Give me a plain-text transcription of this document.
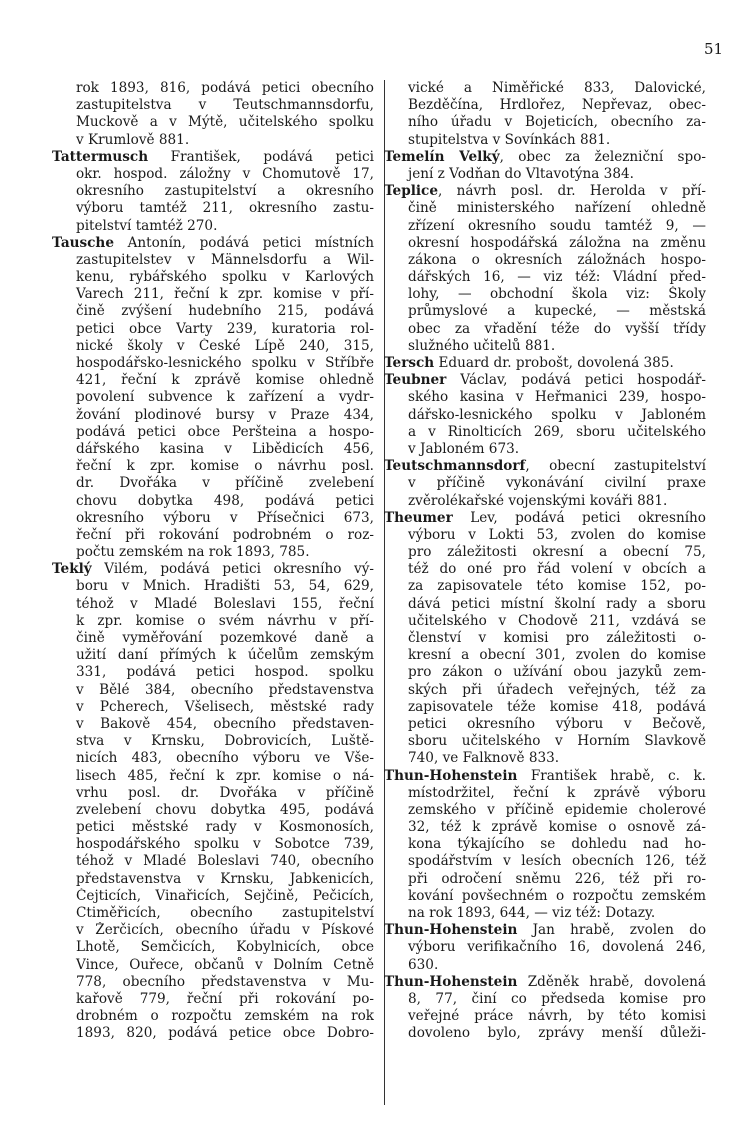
51
rok 1893, 816, podává petici obecního
zastupitelstva v Teutschmannsdorfu,
Muckově a v Mýtě, učitelského spolku
v Krumlově 881.
Tattermusch František, podává petici
okr. hospod. záložny v Chomutově 17,
okresního zastupitelství a okresního
výboru tamtéž 211, okresního zastu-
pitelství tamtéž 270.
Tausche Antonín, podává petici místních
zastupitelstev v Männelsdorfu a Wil-
kenu, rybářského spolku v Karlových
Varech 211, řeční k zpr. komise v pří-
čině zvýšení hudebního 215, podává
petici obce Varty 239, kuratoria rol-
nické školy v České Lípě 240, 315,
hospodářsko-lesnického spolku v Stříbře
421, řeční k zprávě komise ohledně
povolení subvence k zařízení a vydr-
žování plodinové bursy v Praze 434,
podává petici obce Peršteina a hospo-
dářského kasina v Libědicích 456,
řeční k zpr. komise o návrhu posl.
dr. Dvořáka v příčině zvelebení
chovu dobytka 498, podává petici
okresního výboru v Přísečnici 673,
řeční při rokování podrobném o roz-
počtu zemském na rok 1893, 785.
Teklý Vilém, podává petici okresního vý-
boru v Mnich. Hradišti 53, 54, 629,
téhož v Mladé Boleslavi 155, řeční
k zpr. komise o svém návrhu v pří-
čině vyměřování pozemkové daně a
užití daní přímých k účelům zemským
331, podává petici hospod. spolku
v Bělé 384, obecního představenstva
v Pcherech, Všelisech, městské rady
v Bakově 454, obecního představen-
stva v Krnsku, Dobrovicích, Luště-
nicích 483, obecního výboru ve Vše-
lisech 485, řeční k zpr. komise o ná-
vrhu posl. dr. Dvořáka v příčině
zvelebení chovu dobytka 495, podává
petici městské rady v Kosmonosích,
hospodářského spolku v Sobotce 739,
téhož v Mladé Boleslavi 740, obecního
představenstva v Krnsku, Jabkenicích,
Čejticích, Vinařicích, Sejčině, Pečicích,
Ctiměřicích, obecního zastupitelství
v Žerčicích, obecního úřadu v Pískové
Lhotě, Semčicích, Kobylnicích, obce
Vince, Ouřece, občanů v Dolním Cetně
778, obecního představenstva v Mu-
kařově 779, řeční při rokování po-
drobném o rozpočtu zemském na rok
1893, 820, podává petice obce Dobro-
vické a Niměřické 833, Dalovické,
Bezděčína, Hrdlořez, Nepřevaz, obec-
ního úřadu v Bojeticích, obecního za-
stupitelstva v Sovínkách 881.
Temelín Velký, obec za železniční spo-
jení z Vodňan do Vltavotýna 384.
Teplice, návrh posl. dr. Herolda v pří-
čině ministerského nařízení ohledně
zřízení okresního soudu tamtéž 9, —
okresní hospodářská záložna na změnu
zákona o okresních záložnách hospo-
dářských 16, — viz též: Vládní před-
lohy, — obchodní škola viz: Školy
průmyslové a kupecké, — městská
obec za vřadění téže do vyšší třídy
služného učitelů 881.
Tersch Eduard dr. probošt, dovolená 385.
Teubner Václav, podává petici hospodář-
ského kasina v Heřmanici 239, hospo-
dářsko-lesnického spolku v Jabloném
a v Rinolticích 269, sboru učitelského
v Jabloném 673.
Teutschmannsdorf, obecní zastupitelství
v příčině vykonávání civilní praxe
zvěrolékařské vojenskými kováři 881.
Theumer Lev, podává petici okresního
výboru v Lokti 53, zvolen do komise
pro záležitosti okresní a obecní 75,
též do oné pro řád volení v obcích a
za zapisovatele této komise 152, po-
dává petici místní školní rady a sboru
učitelského v Chodově 211, vzdává se
členství v komisi pro záležitosti o-
kresní a obecní 301, zvolen do komise
pro zákon o užívání obou jazyků zem-
ských při úřadech veřejných, též za
zapisovatele téže komise 418, podává
petici okresního výboru v Bečově,
sboru učitelského v Horním Slavkově
740, ve Falknově 833.
Thun-Hohenstein František hrabě, c. k.
místodržitel, řeční k zprávě výboru
zemského v příčině epidemie cholerové
32, též k zprávě komise o osnově zá-
kona týkajícího se dohledu nad ho-
spodářstvím v lesích obecních 126, též
při odročení sněmu 226, též při ro-
kování povšechném o rozpočtu zemském
na rok 1893, 644, — viz též: Dotazy.
Thun-Hohenstein Jan hrabě, zvolen do
výboru verifikačního 16, dovolená 246,
630.
Thun-Hohenstein Zděněk hrabě, dovolená
8, 77, činí co předseda komise pro
veřejné práce návrh, by této komisi
dovoleno bylo, zprávy menší důleži-
